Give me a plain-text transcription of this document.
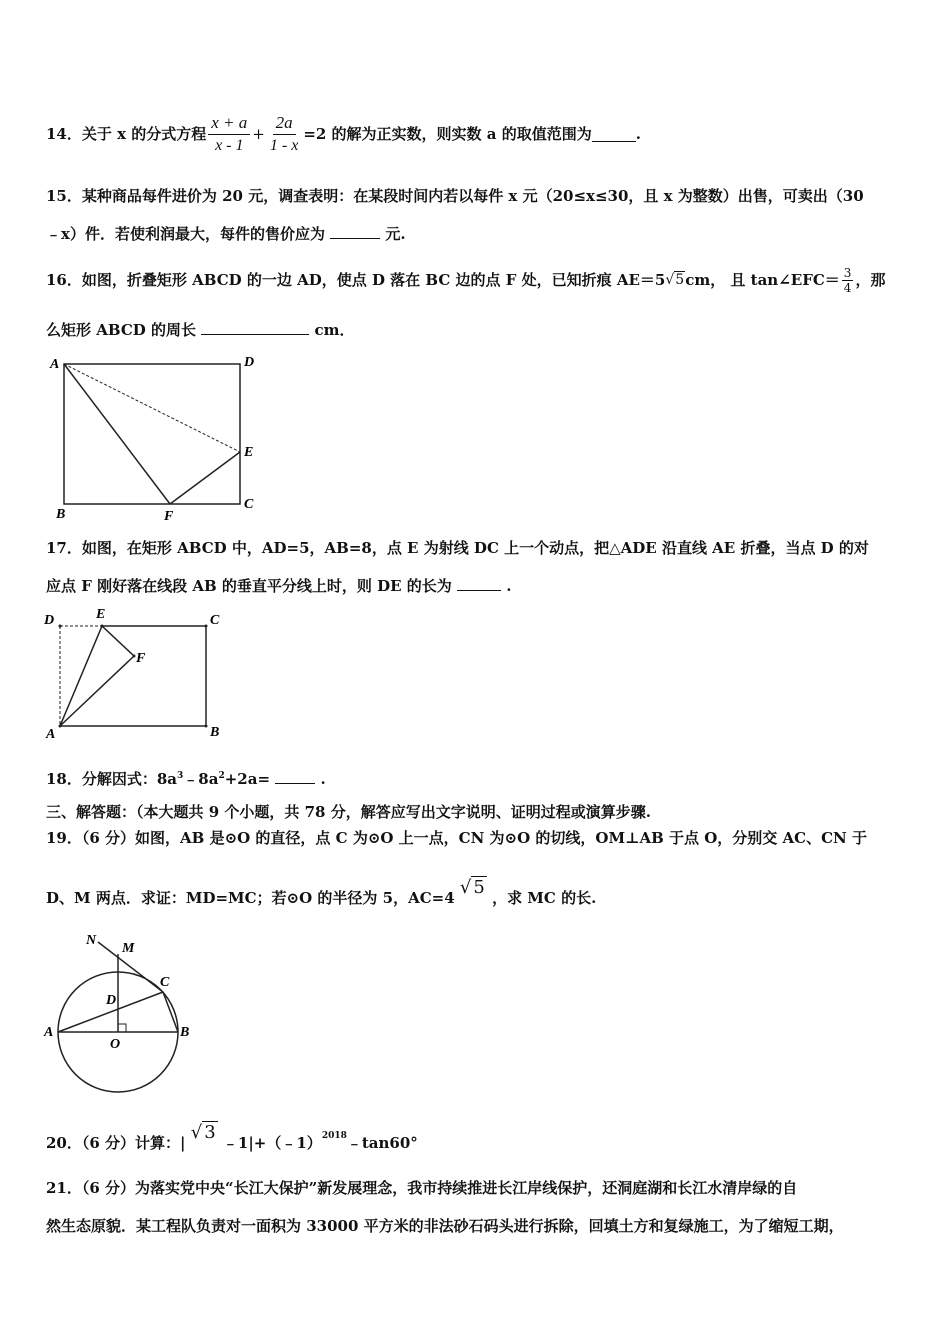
14．关于 x 的分式方程 $\frac{x + a}{x - 1} + \frac{2a}{1 - x} =2$ 的解为正实数，则实数 a 的取值范围为	.
15．某种商品每件进价为 20 元，调查表明：在某段时间内若以每件 x 元（20≤x≤30，且 x 为整数）出售，可卖出（30
﹣x）件．若使利润最大，每件的售价应为	元.
16．如图，折叠矩形 ABCD 的一边 AD，使点 D 落在 BC 边的点 F 处，已知折痕 AE＝5 √5 cm， 且 tan∠EFC＝ 3
4 ，那
么矩形 ABCD 的周长	cm．
A	D
E
B	F
C
17．如图，在矩形 ABCD 中，AD=5，AB=8，点 E 为射线 DC 上一个动点，把△ADE 沿直线 AE 折叠，当点 D 的对
应点 F 刚好落在线段 AB 的垂直平分线上时，则 DE 的长为	.
D	E	C
F
A	B
18．分解因式：$8a^3﹣8a^2+2a=$	.
三、解答题：（本大题共 9 个小题，共 78 分，解答应写出文字说明、证明过程或演算步骤.
19．（6 分）如图，AB 是⊙O 的直径，点 C 为⊙O 上一点，CN 为⊙O 的切线，OM⊥AB 于点 O，分别交 AC、CN 于
D、M 两点．求证：MD=MC；若⊙O 的半径为 5，AC=4 √ 5 ，求 MC 的长.
N
M
C
D
A
O
B
20．（6 分）计算：| √ 3 ﹣1|+（﹣1）$^{2018}$﹣tan60°
21．（6 分）为落实党中央“长江大保护”新发展理念，我市持续推进长江岸线保护，还洞庭湖和长江水清岸绿的自
然生态原貌．某工程队负责对一面积为 33000 平方米的非法砂石码头进行拆除，回填土方和复绿施工，为了缩短工期，
